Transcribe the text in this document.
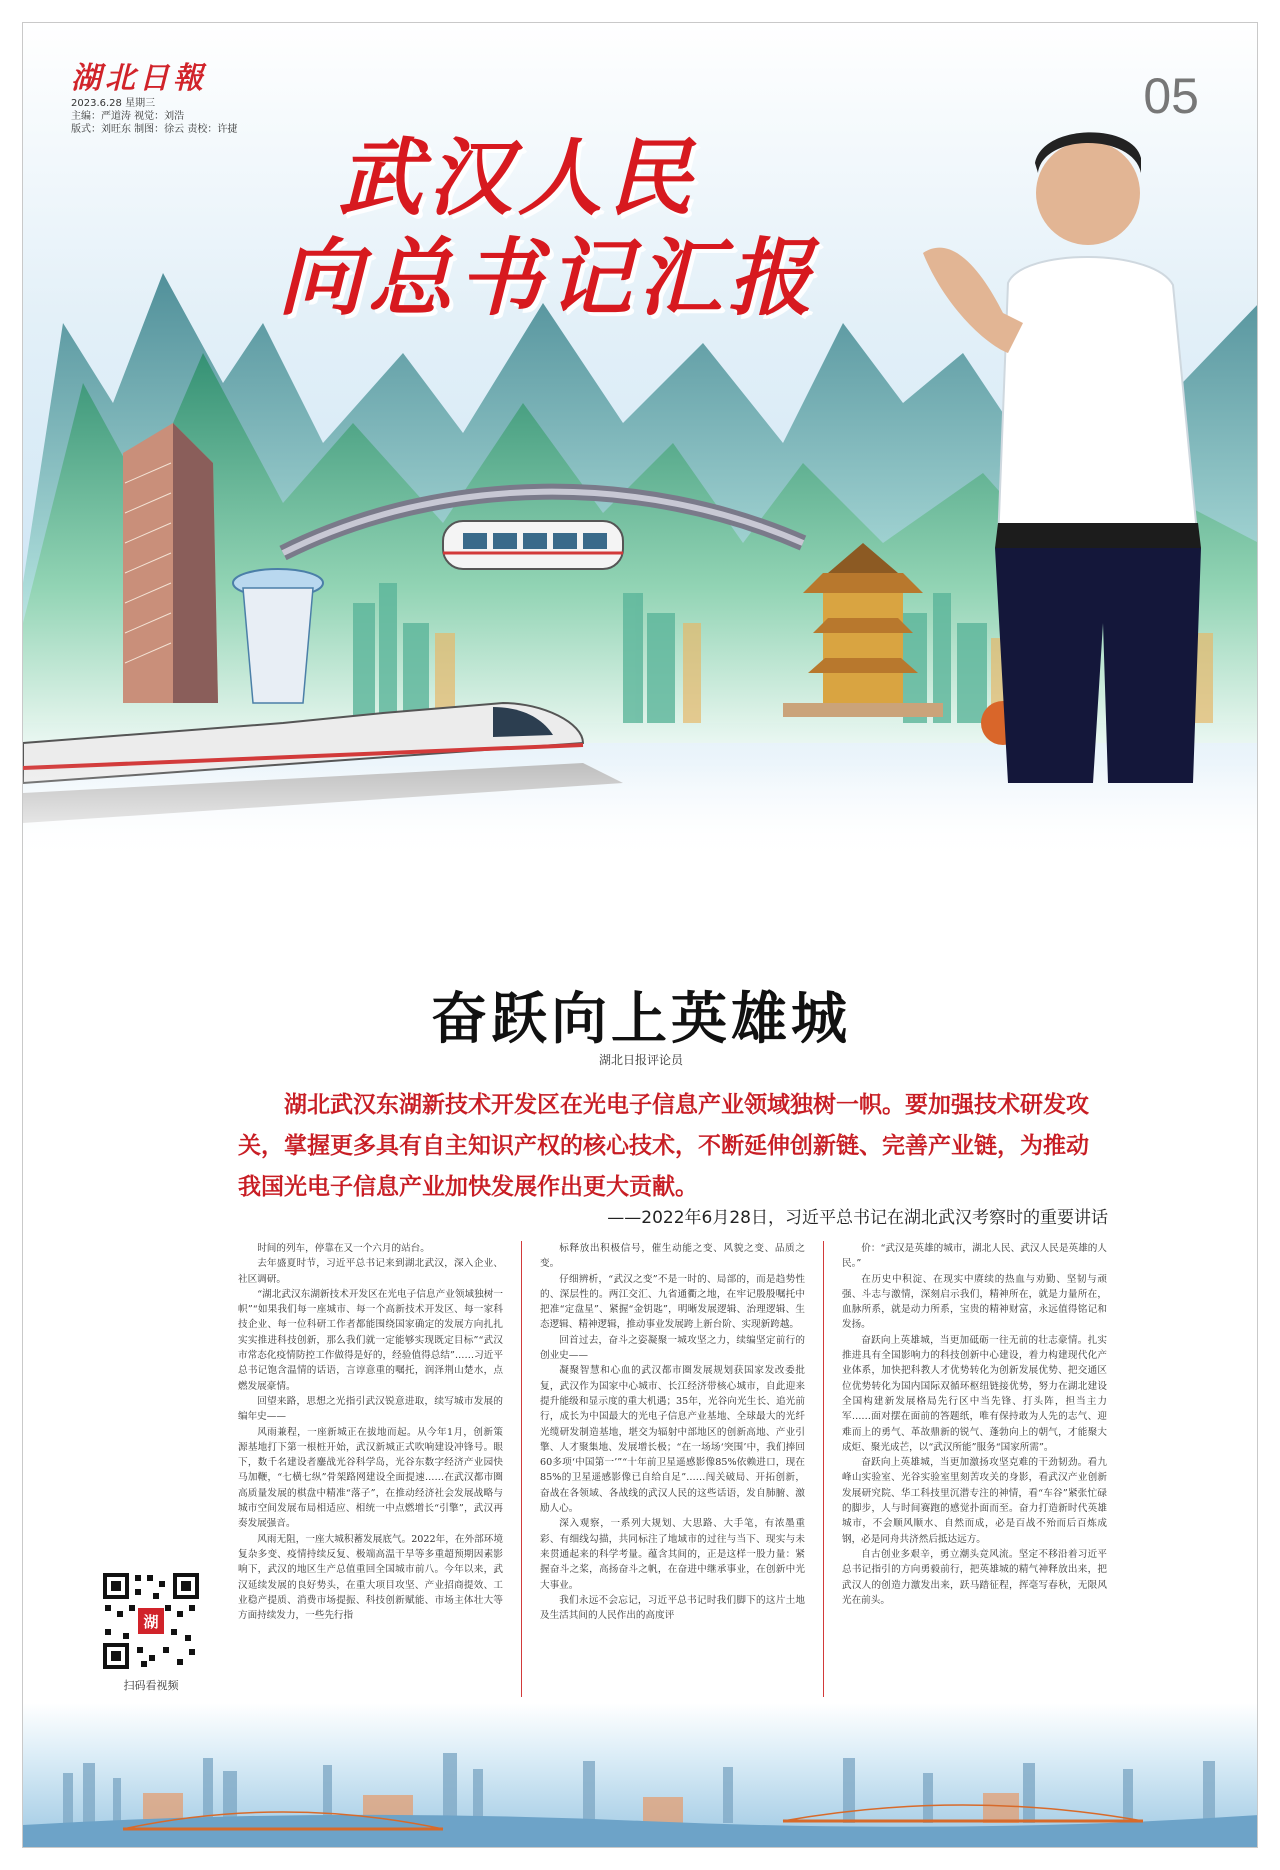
湖北日報
2023.6.28 星期三
主编：严道涛 视觉：刘浩
版式：刘旺东 制图：徐云 责校：许捷
05
武汉人民
向总书记汇报
奋跃向上英雄城
湖北日报评论员
湖北武汉东湖新技术开发区在光电子信息产业领域独树一帜。要加强技术研发攻关，掌握更多具有自主知识产权的核心技术，不断延伸创新链、完善产业链，为推动我国光电子信息产业加快发展作出更大贡献。
——2022年6月28日，习近平总书记在湖北武汉考察时的重要讲话

时间的列车，停靠在又一个六月的站台。

去年盛夏时节，习近平总书记来到湖北武汉，深入企业、社区调研。

“湖北武汉东湖新技术开发区在光电子信息产业领域独树一帜”“如果我们每一座城市、每一个高新技术开发区、每一家科技企业、每一位科研工作者都能围绕国家确定的发展方向扎扎实实推进科技创新，那么我们就一定能够实现既定目标”“武汉市常态化疫情防控工作做得是好的，经验值得总结”……习近平总书记饱含温情的话语，言谆意重的嘱托，润泽荆山楚水，点燃发展豪情。

回望来路，思想之光指引武汉锐意进取，续写城市发展的编年史——

风雨兼程，一座新城正在拔地而起。从今年1月，创新策源基地打下第一根桩开始，武汉新城正式吹响建设冲锋号。眼下，数千名建设者鏖战光谷科学岛，光谷东数字经济产业园快马加鞭，“七横七纵”骨架路网建设全面提速……在武汉都市圈高质量发展的棋盘中精准“落子”，在推动经济社会发展战略与城市空间发展布局相适应、相统一中点燃增长“引擎”，武汉再奏发展强音。

风雨无阻，一座大城积蓄发展底气。2022年，在外部环境复杂多变、疫情持续反复、极端高温干旱等多重超预期因素影响下，武汉的地区生产总值重回全国城市前八。今年以来，武汉延续发展的良好势头，在重大项目攻坚、产业招商提效、工业稳产提质、消费市场提振、科技创新赋能、市场主体壮大等方面持续发力，一些先行指

标释放出积极信号，催生动能之变、风貌之变、品质之变。

仔细辨析，“武汉之变”不是一时的、局部的，而是趋势性的、深层性的。两江交汇、九省通衢之地，在牢记殷殷嘱托中把准“定盘星”、紧握“金钥匙”，明晰发展逻辑、治理逻辑、生态逻辑、精神逻辑，推动事业发展跨上新台阶、实现新跨越。

回首过去，奋斗之姿凝聚一城攻坚之力，续编坚定前行的创业史——

凝聚智慧和心血的武汉都市圈发展规划获国家发改委批复，武汉作为国家中心城市、长江经济带核心城市，自此迎来提升能级和显示度的重大机遇；35年，光谷向光生长、追光前行，成长为中国最大的光电子信息产业基地、全球最大的光纤光缆研发制造基地，堪交为辐射中部地区的创新高地、产业引擎、人才聚集地、发展增长极；“在一场场‘突围’中，我们捧回60多项‘中国第一’”“十年前卫星遥感影像85%依赖进口，现在85%的卫星遥感影像已自给自足”……闯关破局、开拓创新，奋战在各领域、各战线的武汉人民的这些话语，发自肺腑、激励人心。

深入观察，一系列大规划、大思路、大手笔，有浓墨重彩、有细线勾描，共同标注了地域市的过往与当下、现实与未来贯通起来的科学考量。蕴含其间的，正是这样一股力量：紧握奋斗之桨，高扬奋斗之帆，在奋进中继承事业，在创新中光大事业。

我们永远不会忘记，习近平总书记时我们脚下的这片土地及生活其间的人民作出的高度评

价：“武汉是英雄的城市，湖北人民、武汉人民是英雄的人民。”

在历史中积淀、在现实中赓续的热血与劝勤、坚韧与顽强、斗志与激情，深刻启示我们，精神所在，就是力量所在，血脉所系，就是动力所系，宝贵的精神财富，永远值得铭记和发扬。

奋跃向上英雄城，当更加砥砺一往无前的壮志豪情。扎实推进具有全国影响力的科技创新中心建设，着力构建现代化产业体系，加快把科教人才优势转化为创新发展优势、把交通区位优势转化为国内国际双循环枢纽链接优势，努力在湖北建设全国构建新发展格局先行区中当先锋、打头阵，担当主力军……面对摆在面前的答题纸，唯有保持敢为人先的志气、迎难而上的勇气、革故鼎新的锐气、蓬勃向上的朝气，才能聚大成炬、聚光成芒，以“武汉所能”服务“国家所需”。

奋跃向上英雄城，当更加激扬攻坚克难的干劲韧劲。看九峰山实验室、光谷实验室里刻苦攻关的身影，看武汉产业创新发展研究院、华工科技里沉潜专注的神情，看“车谷”紧张忙碌的脚步，人与时间赛跑的感觉扑面而至。奋力打造新时代英雄城市，不会顺风顺水、自然而成，必是百战不殆而后百炼成钢，必是同舟共济然后抵达远方。

自古创业多艰辛，勇立潮头竞风流。坚定不移沿着习近平总书记指引的方向勇毅前行，把英雄城的精气神释放出来，把武汉人的创造力激发出来，跃马踏征程，挥毫写春秋，无限风光在前头。

湖
扫码看视频
